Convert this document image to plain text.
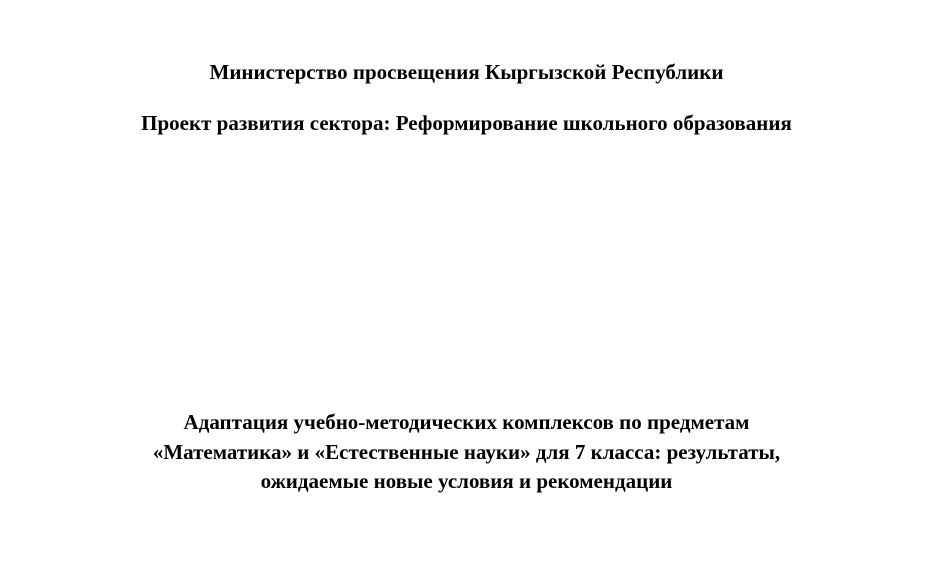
Министерство просвещения Кыргызской Республики
Проект развития сектора: Реформирование школьного образования
Адаптация учебно-методических комплексов по предметам
«Математика» и «Естественные науки» для 7 класса: результаты,
ожидаемые новые условия и рекомендации
